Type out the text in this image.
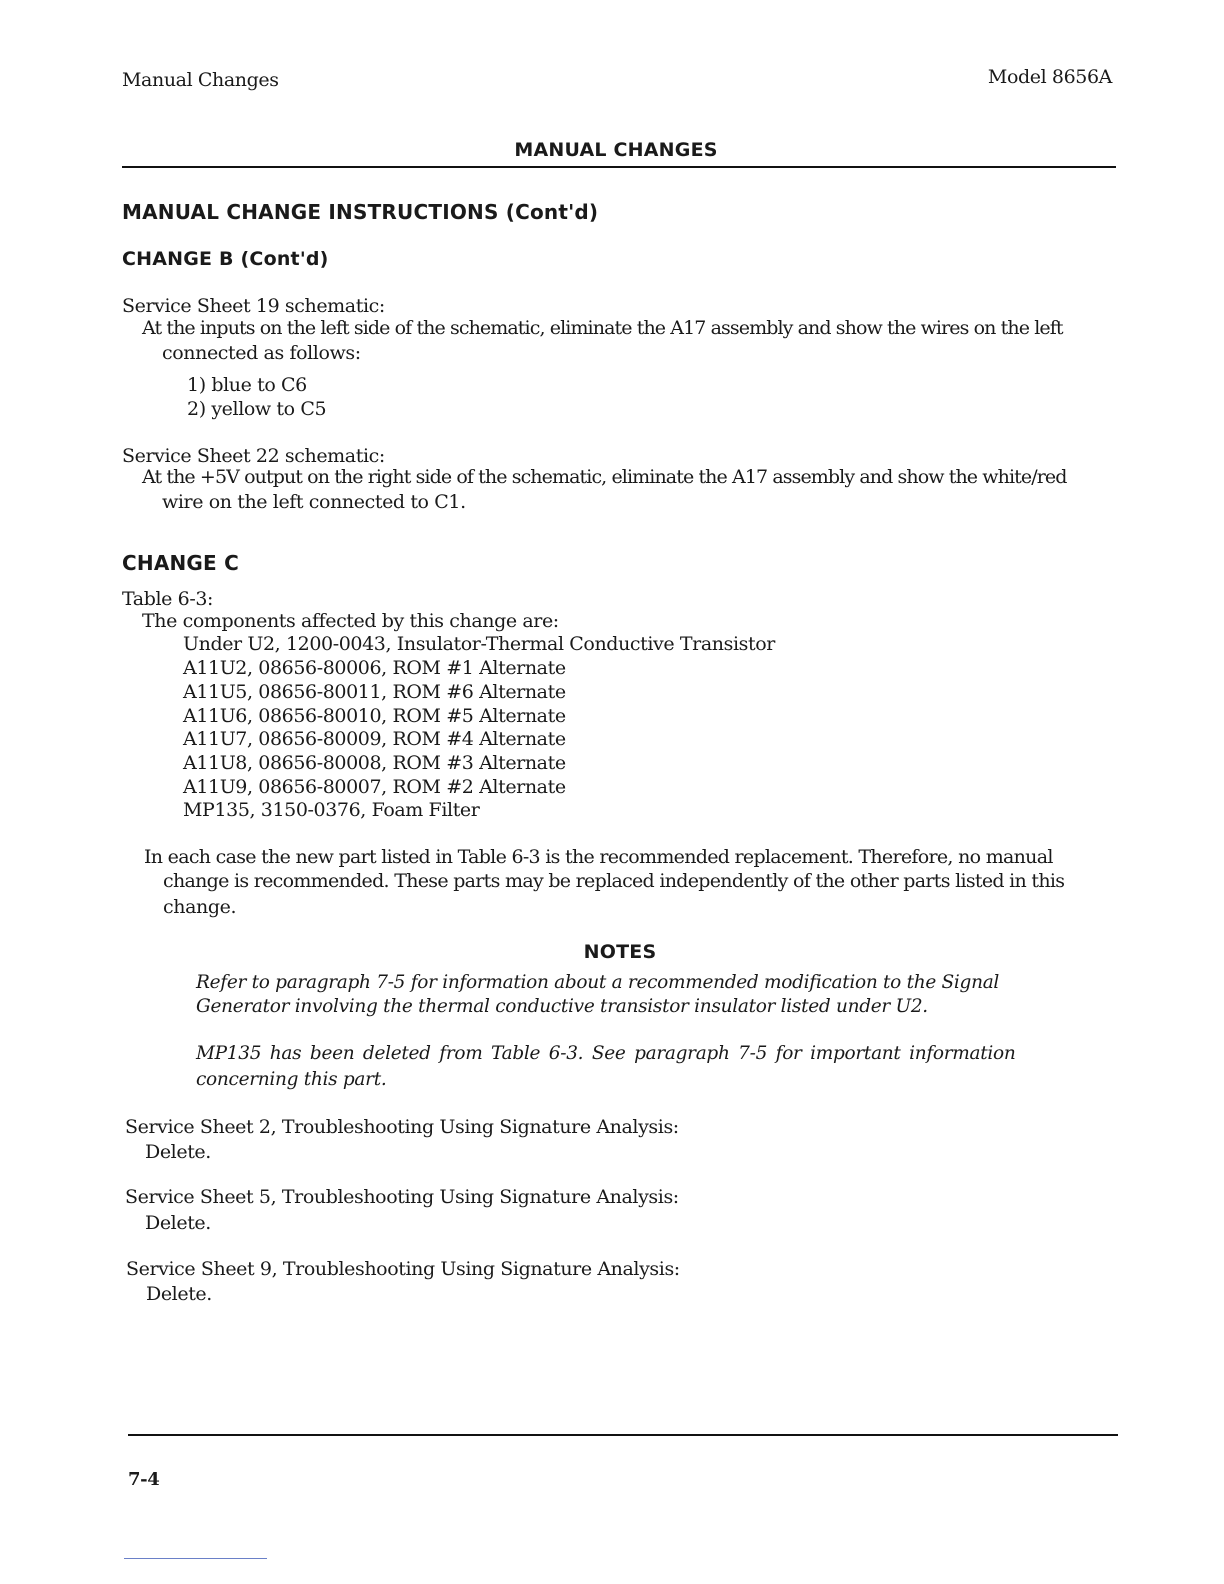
Manual Changes	Model 8656A
MANUAL CHANGES
MANUAL CHANGE INSTRUCTIONS (Cont'd)
CHANGE B (Cont'd)
Service Sheet 19 schematic:
At the inputs on the left side of the schematic, eliminate the A17 assembly and show the wires on the left
connected as follows:
1) blue to C6
2) yellow to C5
Service Sheet 22 schematic:
At the +5V output on the right side of the schematic, eliminate the A17 assembly and show the white/red
wire on the left connected to C1.
CHANGE C
Table 6-3:
The components affected by this change are:
Under U2, 1200-0043, Insulator-Thermal Conductive Transistor
A11U2, 08656-80006, ROM #1 Alternate
A11U5, 08656-80011, ROM #6 Alternate
A11U6, 08656-80010, ROM #5 Alternate
A11U7, 08656-80009, ROM #4 Alternate
A11U8, 08656-80008, ROM #3 Alternate
A11U9, 08656-80007, ROM #2 Alternate
MP135, 3150-0376, Foam Filter
In each case the new part listed in Table 6-3 is the recommended replacement. Therefore, no manual
change is recommended. These parts may be replaced independently of the other parts listed in this
change.
NOTES
Refer to paragraph 7-5 for information about a recommended modification to the Signal
Generator involving the thermal conductive transistor insulator listed under U2.
MP135 has been deleted from Table 6-3. See paragraph 7-5 for important information
concerning this part.
Service Sheet 2, Troubleshooting Using Signature Analysis:
Delete.
Service Sheet 5, Troubleshooting Using Signature Analysis:
Delete.
Service Sheet 9, Troubleshooting Using Signature Analysis:
Delete.
7-4
